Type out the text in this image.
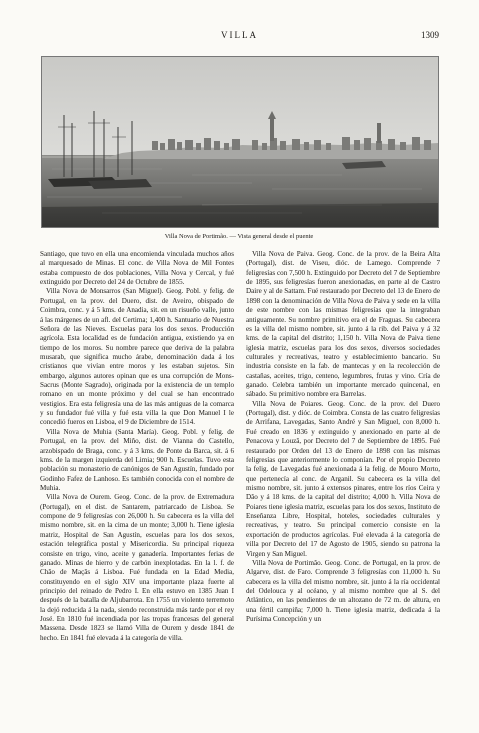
VILLA	1309
Villa Nova de Portimão. — Vista general desde el puente

Santiago, que tuvo en ella una encomienda vinculada muchos años al marquesado de Minas. El conc. de Villa Nova de Mil Fontes estaba compuesto de dos poblaciones, Villa Nova y Cercal, y fué extinguido por Decreto del 24 de Octubre de 1855.

Villa Nova de Monsarros (San Miguel). Geog. Pobl. y felig. de Portugal, en la prov. del Duero, dist. de Aveiro, obispado de Coimbra, conc. y á 5 kms. de Anadia, sit. en un risueño valle, junto á las márgenes de un afl. del Certima; 1,400 h. Santuario de Nuestra Señora de las Nieves. Escuelas para los dos sexos. Producción agrícola. Esta localidad es de fundación antigua, existiendo ya en tiempo de los moros. Su nombre parece que deriva de la palabra musarab, que significa mucho árabe, denominación dada á los cristianos que vivían entre moros y les estaban sujetos. Sin embargo, algunos autores opinan que es una corrupción de Mons-Sacrus (Monte Sagrado), originada por la existencia de un templo romano en un monte próximo y del cual se han encontrado vestigios. Era esta feligresía una de las más antiguas de la comarca y su fundador fué villa y fué esta villa la que Don Manuel I le concedió fueros en Lisboa, el 9 de Diciembre de 1514.

Villa Nova de Muhia (Santa María). Geog. Pobl. y felig. de Portugal, en la prov. del Miño, dist. de Vianna do Castello, arzobispado de Braga, conc. y á 3 kms. de Ponte da Barca, sit. á 6 kms. de la margen izquierda del Limia; 900 h. Escuelas. Tuvo esta población su monasterio de canónigos de San Agustín, fundado por Godinho Fafez de Lanhoso. Es también conocida con el nombre de Muhia.

Villa Nova de Ourem. Geog. Conc. de la prov. de Extremadura (Portugal), en el dist. de Santarem, patriarcado de Lisboa. Se compone de 9 feligresías con 26,000 h. Su cabecera es la villa del mismo nombre, sit. en la cima de un monte; 3,000 h. Tiene iglesia matriz, Hospital de San Agustín, escuelas para los dos sexos, estación telegráfica postal y Misericordia. Su principal riqueza consiste en trigo, vino, aceite y ganadería. Importantes ferias de ganado. Minas de hierro y de carbón inexplotadas. En la l. f. de Chão de Maçãs á Lisboa. Fué fundada en la Edad Media, constituyendo en el siglo XIV una importante plaza fuerte al principio del reinado de Pedro I. En ella estuvo en 1385 Juan I después de la batalla de Aljubarrota. En 1755 un violento terremoto la dejó reducida á la nada, siendo reconstruida más tarde por el rey José. En 1810 fué incendiada por las tropas francesas del general Massena. Desde 1823 se llamó Villa de Ourem y desde 1841 de hecho. En 1841 fué elevada á la categoría de villa.

Villa Nova de Paiva. Geog. Conc. de la prov. de la Beira Alta (Portugal), dist. de Viseu, dióc. de Lamego. Comprende 7 feligresías con 7,500 h. Extinguido por Decreto del 7 de Septiembre de 1895, sus feligresías fueron anexionadas, en parte al de Castro Daire y al de Sattam. Fué restaurado por Decreto del 13 de Enero de 1898 con la denominación de Villa Nova de Paiva y sede en la villa de este nombre con las mismas feligresías que la integraban antiguamente. Su nombre primitivo era el de Fraguas. Su cabecera es la villa del mismo nombre, sit. junto á la rib. del Paiva y á 32 kms. de la capital del distrito; 1,150 h. Villa Nova de Paiva tiene iglesia matriz, escuelas para los dos sexos, diversos sociedades culturales y recreativas, teatro y establecimiento bancario. Su industria consiste en la fab. de mantecas y en la recolección de castañas, aceites, trigo, centeno, legumbres, frutas y vino. Cría de ganado. Celebra también un importante mercado quincenal, en sábado. Su primitivo nombre era Barrelas.

Villa Nova de Poiares. Geog. Conc. de la prov. del Duero (Portugal), dist. y dióc. de Coimbra. Consta de las cuatro feligresías de Arrifana, Lavegadas, Santo André y San Miguel, con 8,000 h. Fué creado en 1836 y extinguido y anexionado en parte al de Penacova y Louzã, por Decreto del 7 de Septiembre de 1895. Fué restaurado por Orden del 13 de Enero de 1898 con las mismas feligresías que anteriormente lo componían. Por el propio Decreto la felig. de Lavegadas fué anexionada á la felig. de Mouro Morto, que pertenecía al conc. de Arganil. Su cabecera es la villa del mismo nombre, sit. junto á extensos pinares, entre los ríos Ceira y Dão y á 18 kms. de la capital del distrito; 4,000 h. Villa Nova de Poiares tiene iglesia matriz, escuelas para los dos sexos, Instituto de Enseñanza Libre, Hospital, hoteles, sociedades culturales y recreativas, y teatro. Su principal comercio consiste en la exportación de productos agrícolas. Fué elevada á la categoría de villa por Decreto del 17 de Agosto de 1905, siendo su patrona la Virgen y San Miguel.

Villa Nova de Portimão. Geog. Conc. de Portugal, en la prov. de Algarve, dist. de Faro. Comprende 3 feligresías con 11,000 h. Su cabecera es la villa del mismo nombre, sit. junto á la ría occidental del Odelouca y al océano, y al mismo nombre que al S. del Atlántico, en las pendientes de un altozano de 72 m. de altura, en una fértil campiña; 7,000 h. Tiene iglesia matriz, dedicada á la Purísima Concepción y un
